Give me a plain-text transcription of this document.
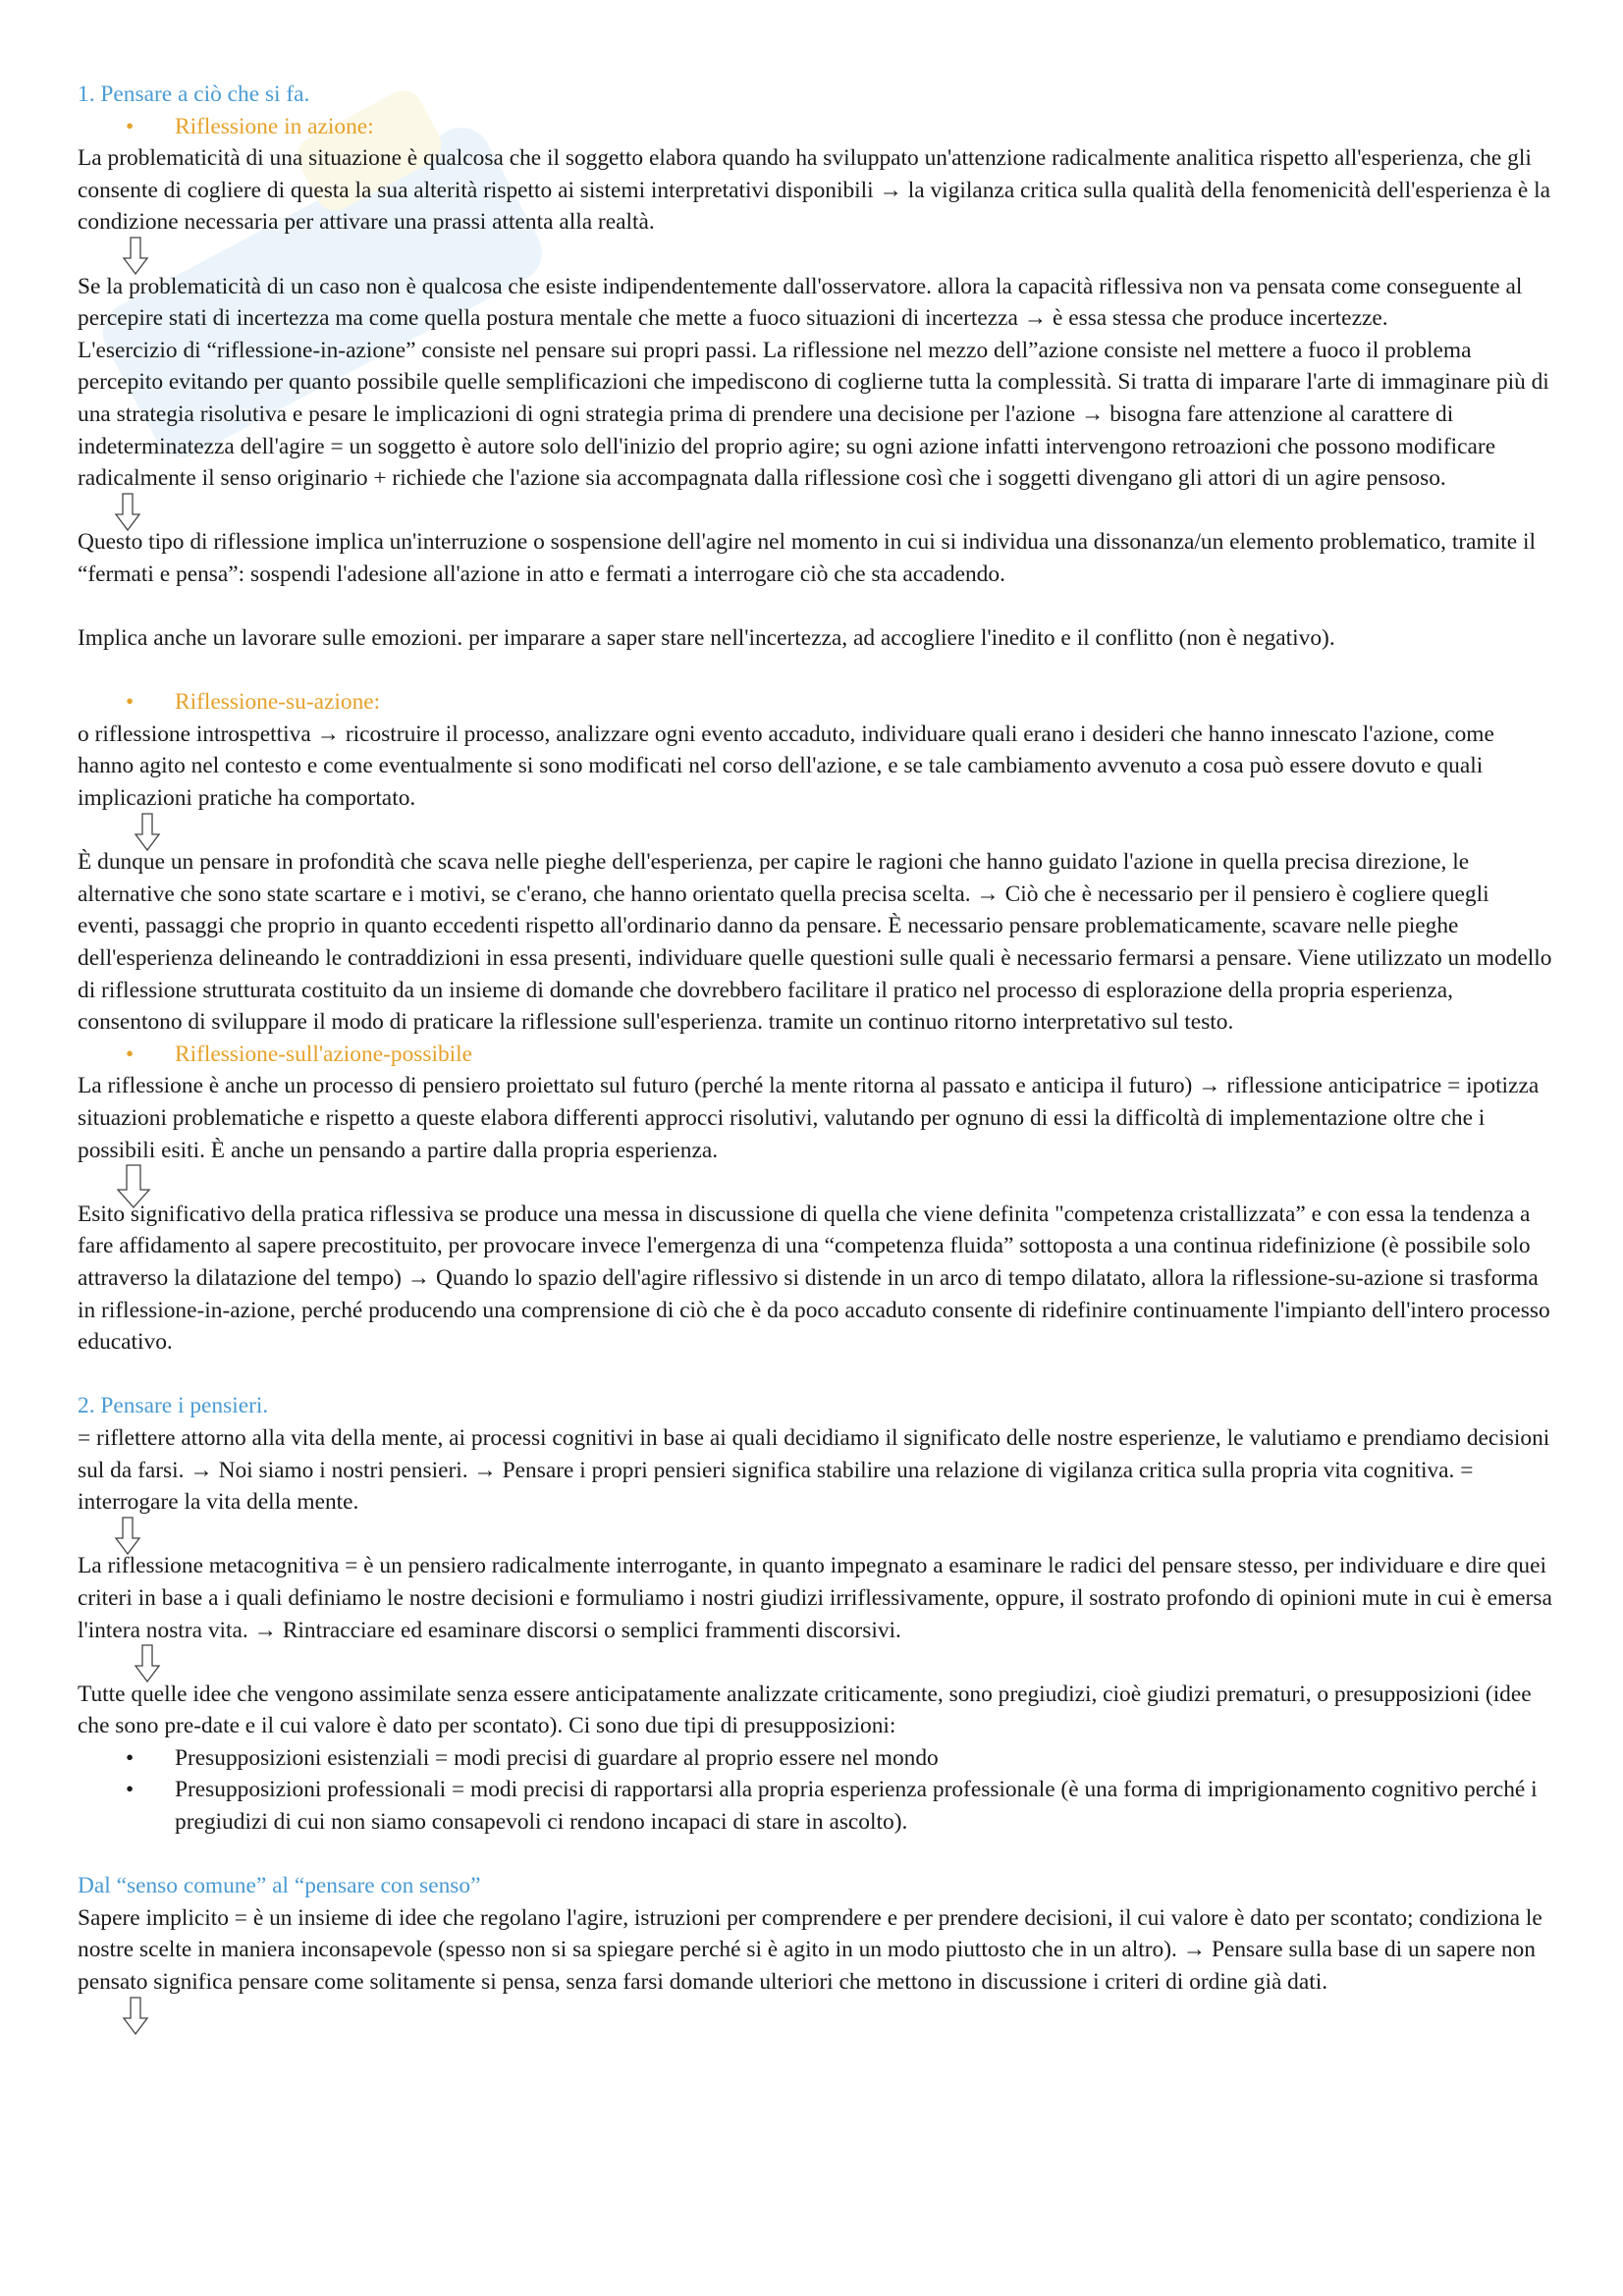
1. Pensare a ciò che si fa.

• Riflessione in azione:

La problematicità di una situazione è qualcosa che il soggetto elabora quando ha sviluppato un'attenzione radicalmente analitica rispetto all'esperienza, che gli consente di cogliere di questa la sua alterità rispetto ai sistemi interpretativi disponibili → la vigilanza critica sulla qualità della fenomenicità dell'esperienza è la condizione necessaria per attivare una prassi attenta alla realtà.

Se la problematicità di un caso non è qualcosa che esiste indipendentemente dall'osservatore. allora la capacità riflessiva non va pensata come conseguente al percepire stati di incertezza ma come quella postura mentale che mette a fuoco situazioni di incertezza → è essa stessa che produce incertezze.

L'esercizio di “riflessione-in-azione” consiste nel pensare sui propri passi. La riflessione nel mezzo dell”azione consiste nel mettere a fuoco il problema percepito evitando per quanto possibile quelle semplificazioni che impediscono di coglierne tutta la complessità. Si tratta di imparare l'arte di immaginare più di una strategia risolutiva e pesare le implicazioni di ogni strategia prima di prendere una decisione per l'azione → bisogna fare attenzione al carattere di indeterminatezza dell'agire = un soggetto è autore solo dell'inizio del proprio agire; su ogni azione infatti intervengono retroazioni che possono modificare radicalmente il senso originario + richiede che l'azione sia accompagnata dalla riflessione così che i soggetti divengano gli attori di un agire pensoso.

Questo tipo di riflessione implica un'interruzione o sospensione dell'agire nel momento in cui si individua una dissonanza/un elemento problematico, tramite il “fermati e pensa”: sospendi l'adesione all'azione in atto e fermati a interrogare ciò che sta accadendo.

Implica anche un lavorare sulle emozioni. per imparare a saper stare nell'incertezza, ad accogliere l'inedito e il conflitto (non è negativo).

• Riflessione-su-azione:

o riflessione introspettiva → ricostruire il processo, analizzare ogni evento accaduto, individuare quali erano i desideri che hanno innescato l'azione, come hanno agito nel contesto e come eventualmente si sono modificati nel corso dell'azione, e se tale cambiamento avvenuto a cosa può essere dovuto e quali implicazioni pratiche ha comportato.

È dunque un pensare in profondità che scava nelle pieghe dell'esperienza, per capire le ragioni che hanno guidato l'azione in quella precisa direzione, le alternative che sono state scartare e i motivi, se c'erano, che hanno orientato quella precisa scelta. → Ciò che è necessario per il pensiero è cogliere quegli eventi, passaggi che proprio in quanto eccedenti rispetto all'ordinario danno da pensare. È necessario pensare problematicamente, scavare nelle pieghe dell'esperienza delineando le contraddizioni in essa presenti, individuare quelle questioni sulle quali è necessario fermarsi a pensare. Viene utilizzato un modello di riflessione strutturata costituito da un insieme di domande che dovrebbero facilitare il pratico nel processo di esplorazione della propria esperienza, consentono di sviluppare il modo di praticare la riflessione sull'esperienza. tramite un continuo ritorno interpretativo sul testo.

• Riflessione-sull'azione-possibile

La riflessione è anche un processo di pensiero proiettato sul futuro (perché la mente ritorna al passato e anticipa il futuro) → riflessione anticipatrice = ipotizza situazioni problematiche e rispetto a queste elabora differenti approcci risolutivi, valutando per ognuno di essi la difficoltà di implementazione oltre che i possibili esiti. È anche un pensando a partire dalla propria esperienza.

Esito significativo della pratica riflessiva se produce una messa in discussione di quella che viene definita "competenza cristallizzata” e con essa la tendenza a fare affidamento al sapere precostituito, per provocare invece l'emergenza di una “competenza fluida” sottoposta a una continua ridefinizione (è possibile solo attraverso la dilatazione del tempo) → Quando lo spazio dell'agire riflessivo si distende in un arco di tempo dilatato, allora la riflessione-su-azione si trasforma in riflessione-in-azione, perché producendo una comprensione di ciò che è da poco accaduto consente di ridefinire continuamente l'impianto dell'intero processo educativo.

2. Pensare i pensieri.

= riflettere attorno alla vita della mente, ai processi cognitivi in base ai quali decidiamo il significato delle nostre esperienze, le valutiamo e prendiamo decisioni sul da farsi. → Noi siamo i nostri pensieri. → Pensare i propri pensieri significa stabilire una relazione di vigilanza critica sulla propria vita cognitiva. = interrogare la vita della mente.

La riflessione metacognitiva = è un pensiero radicalmente interrogante, in quanto impegnato a esaminare le radici del pensare stesso, per individuare e dire quei criteri in base a i quali definiamo le nostre decisioni e formuliamo i nostri giudizi irriflessivamente, oppure, il sostrato profondo di opinioni mute in cui è emersa l'intera nostra vita. → Rintracciare ed esaminare discorsi o semplici frammenti discorsivi.

Tutte quelle idee che vengono assimilate senza essere anticipatamente analizzate criticamente, sono pregiudizi, cioè giudizi prematuri, o presupposizioni (idee che sono pre-date e il cui valore è dato per scontato). Ci sono due tipi di presupposizioni:

• Presupposizioni esistenziali = modi precisi di guardare al proprio essere nel mondo
• Presupposizioni professionali = modi precisi di rapportarsi alla propria esperienza professionale (è una forma di imprigionamento cognitivo perché i pregiudizi di cui non siamo consapevoli ci rendono incapaci di stare in ascolto).

Dal “senso comune” al “pensare con senso”

Sapere implicito = è un insieme di idee che regolano l'agire, istruzioni per comprendere e per prendere decisioni, il cui valore è dato per scontato; condiziona le nostre scelte in maniera inconsapevole (spesso non si sa spiegare perché si è agito in un modo piuttosto che in un altro). → Pensare sulla base di un sapere non pensato significa pensare come solitamente si pensa, senza farsi domande ulteriori che mettono in discussione i criteri di ordine già dati.
